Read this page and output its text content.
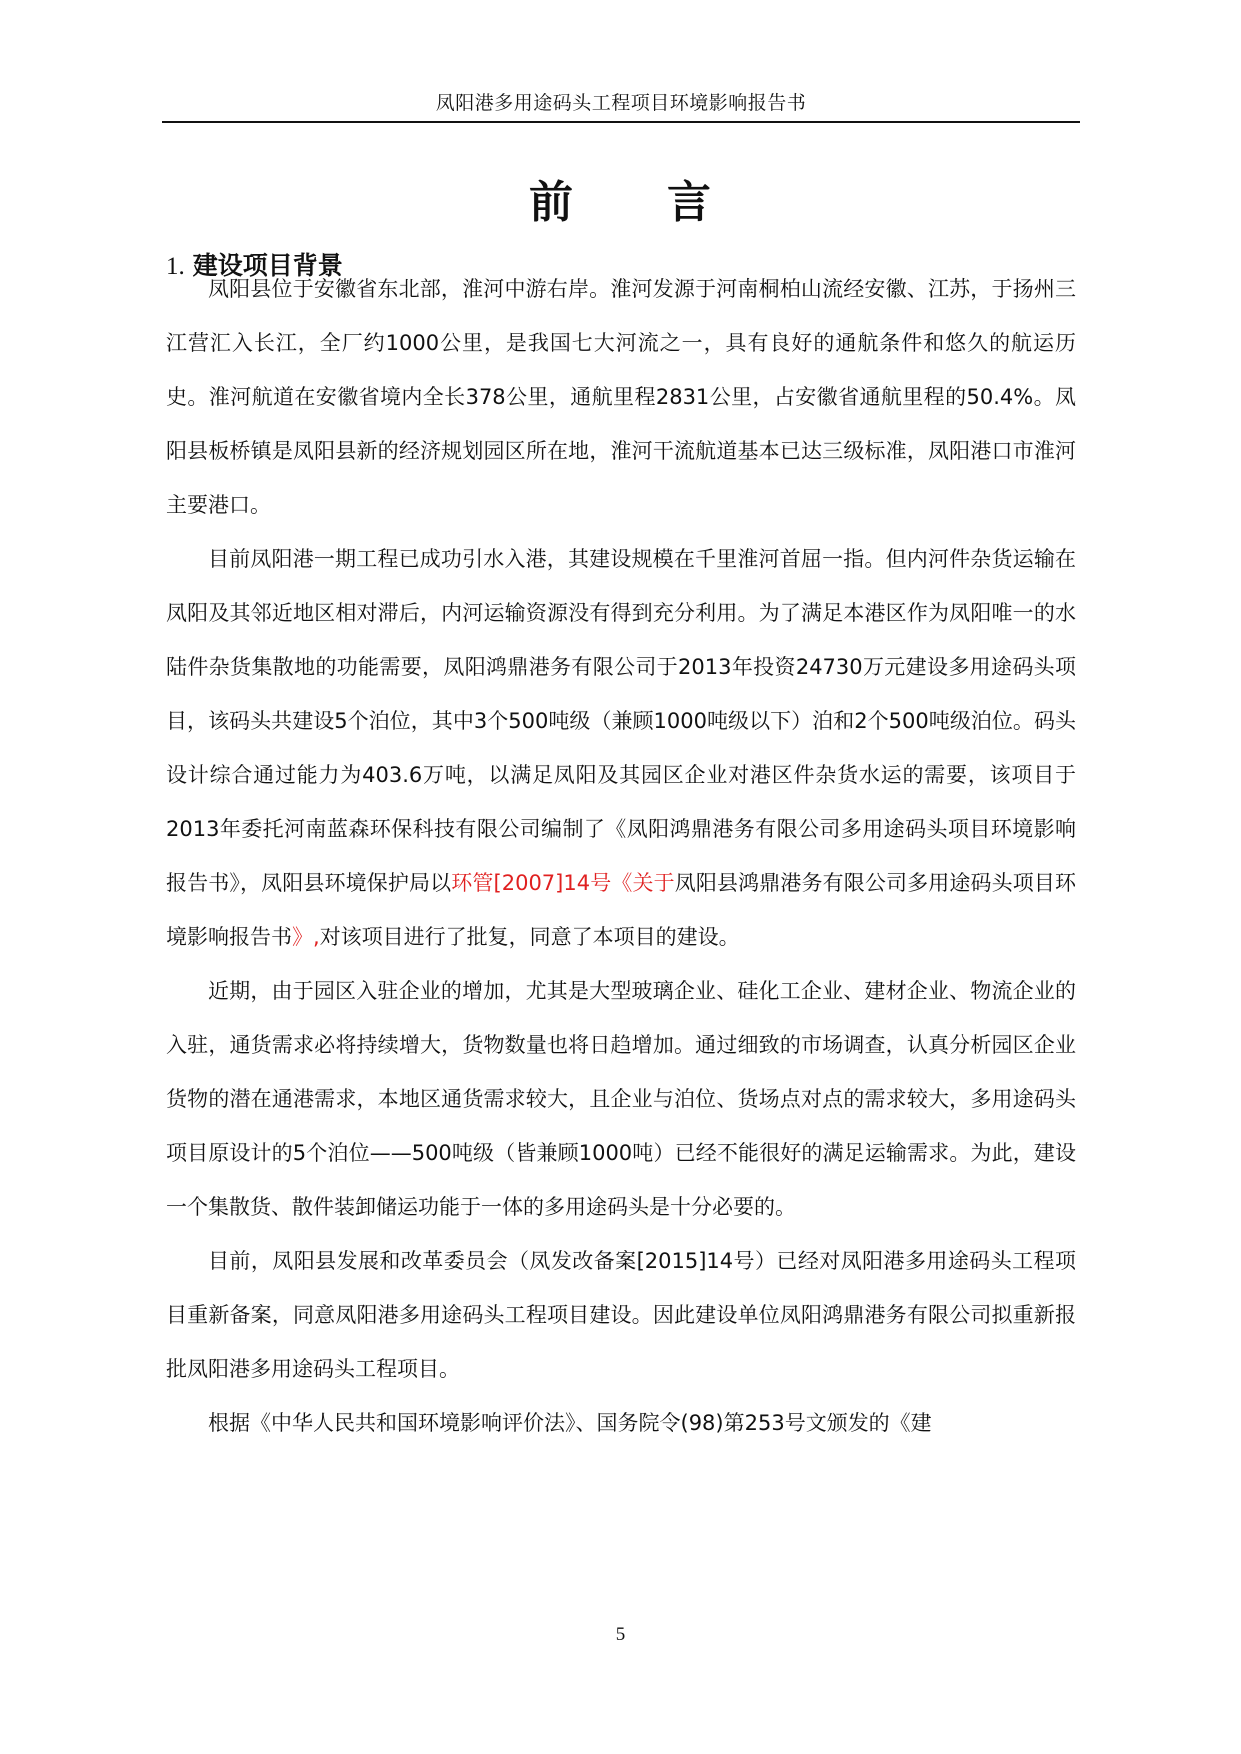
凤阳港多用途码头工程项目环境影响报告书
前　　言
1. 建设项目背景

凤阳县位于安徽省东北部，淮河中游右岸。淮河发源于河南桐柏山流经安徽、江苏，于扬州三江营汇入长江，全厂约1000公里，是我国七大河流之一，具有良好的通航条件和悠久的航运历史。淮河航道在安徽省境内全长378公里，通航里程2831公里，占安徽省通航里程的50.4%。凤阳县板桥镇是凤阳县新的经济规划园区所在地，淮河干流航道基本已达三级标准，凤阳港口市淮河主要港口。

目前凤阳港一期工程已成功引水入港，其建设规模在千里淮河首屈一指。但内河件杂货运输在凤阳及其邻近地区相对滞后，内河运输资源没有得到充分利用。为了满足本港区作为凤阳唯一的水陆件杂货集散地的功能需要，凤阳鸿鼎港务有限公司于2013年投资24730万元建设多用途码头项目，该码头共建设5个泊位，其中3个500吨级（兼顾1000吨级以下）泊和2个500吨级泊位。码头设计综合通过能力为403.6万吨，以满足凤阳及其园区企业对港区件杂货水运的需要，该项目于2013年委托河南蓝森环保科技有限公司编制了《凤阳鸿鼎港务有限公司多用途码头项目环境影响报告书》，凤阳县环境保护局以环管[2007]14号《关于凤阳县鸿鼎港务有限公司多用途码头项目环境影响报告书》,对该项目进行了批复，同意了本项目的建设。

近期，由于园区入驻企业的增加，尤其是大型玻璃企业、硅化工企业、建材企业、物流企业的入驻，通货需求必将持续增大，货物数量也将日趋增加。通过细致的市场调查，认真分析园区企业货物的潜在通港需求，本地区通货需求较大，且企业与泊位、货场点对点的需求较大，多用途码头项目原设计的5个泊位——500吨级（皆兼顾1000吨）已经不能很好的满足运输需求。为此，建设一个集散货、散件装卸储运功能于一体的多用途码头是十分必要的。

目前，凤阳县发展和改革委员会（凤发改备案[2015]14号）已经对凤阳港多用途码头工程项目重新备案，同意凤阳港多用途码头工程项目建设。因此建设单位凤阳鸿鼎港务有限公司拟重新报批凤阳港多用途码头工程项目。

根据《中华人民共和国环境影响评价法》、国务院令(98)第253号文颁发的《建

5
